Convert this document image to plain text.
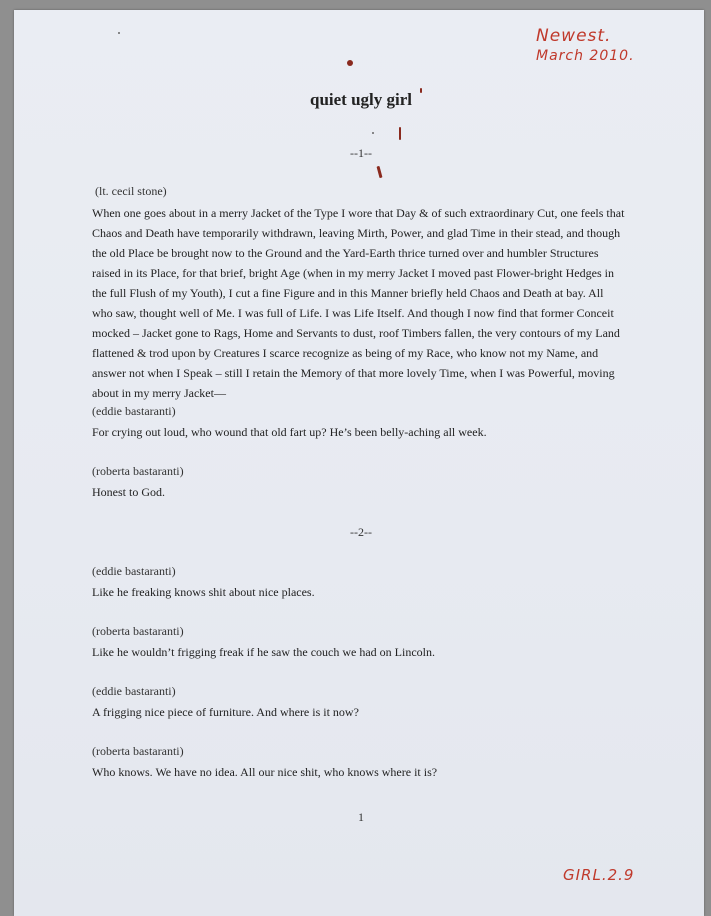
Newest.
March 2010.
GIRL.2.9
quiet ugly girl
--1--
(lt. cecil stone)
When one goes about in a merry Jacket of the Type I wore that Day & of such extraordinary Cut, one feels that Chaos and Death have temporarily withdrawn, leaving Mirth, Power, and glad Time in their stead, and though the old Place be brought now to the Ground and the Yard-Earth thrice turned over and humbler Structures raised in its Place, for that brief, bright Age (when in my merry Jacket I moved past Flower-bright Hedges in the full Flush of my Youth), I cut a fine Figure and in this Manner briefly held Chaos and Death at bay. All who saw, thought well of Me. I was full of Life. I was Life Itself. And though I now find that former Conceit mocked – Jacket gone to Rags, Home and Servants to dust, roof Timbers fallen, the very contours of my Land flattened & trod upon by Creatures I scarce recognize as being of my Race, who know not my Name, and answer not when I Speak – still I retain the Memory of that more lovely Time, when I was Powerful, moving about in my merry Jacket—
(eddie bastaranti)
For crying out loud, who wound that old fart up? He’s been belly-aching all week.
(roberta bastaranti)
Honest to God.
--2--
(eddie bastaranti)
Like he freaking knows shit about nice places.
(roberta bastaranti)
Like he wouldn’t frigging freak if he saw the couch we had on Lincoln.
(eddie bastaranti)
A frigging nice piece of furniture. And where is it now?
(roberta bastaranti)
Who knows. We have no idea. All our nice shit, who knows where it is?
1
